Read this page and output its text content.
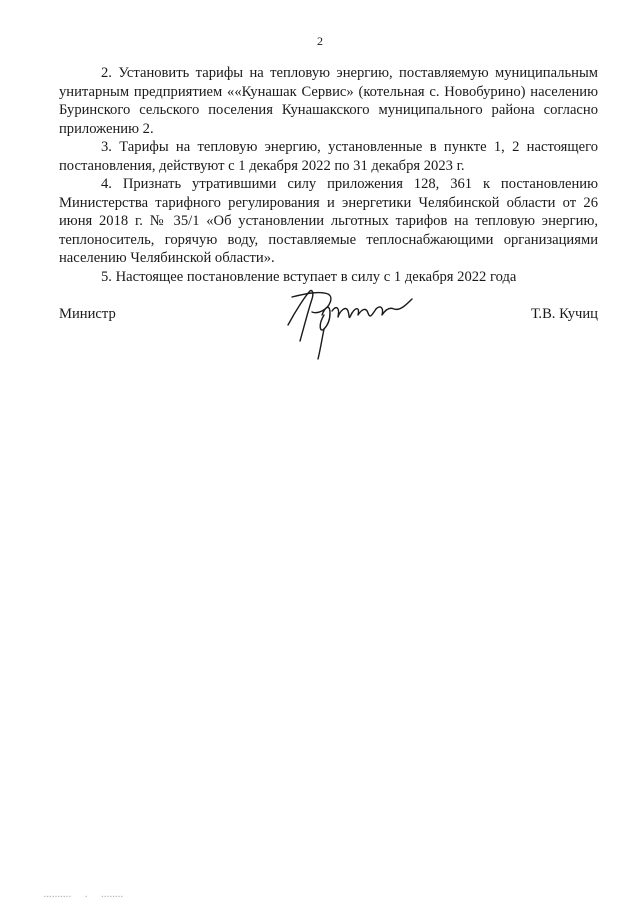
2

2. Установить тарифы на тепловую энергию, поставляемую муниципальным унитарным предприятием ««Кунашак Сервис» (котельная с. Новобурино) населению Буринского сельского поселения Кунашакского муниципального района согласно приложению 2.

3. Тарифы на тепловую энергию, установленные в пункте 1, 2 настоящего постановления, действуют с 1 декабря 2022 по 31 декабря 2023 г.

4. Признать утратившими силу приложения 128, 361 к постановлению Министерства тарифного регулирования и энергетики Челябинской области от 26 июня 2018 г. № 35/1 «Об установлении льготных тарифов на тепловую энергию, теплоноситель, горячую воду, поставляемые теплоснабжающими организациями населению Челябинской области».

5. Настоящее постановление вступает в силу с 1 декабря 2022 года

Министр	Т.В. Кучиц
▪▪▪▪▪▪▪▪▪▪      ▪      ▪▪▪▪▪▪▪▪
